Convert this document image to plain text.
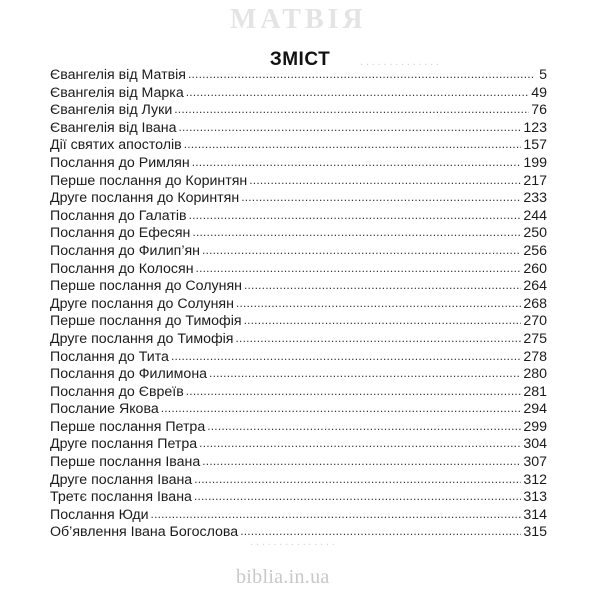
МАТВІЯ
· · · · · · · · · · · · · ·
· · · · · · · · · · · · · · ·
ЗМІСТ
Євангелія від Матвія .....	5
Євангелія від Марка .....	49
Євангелія від Луки .....	76
Євангелія від Івана .....	123
Дії святих апостолів .....	157
Послання до Римлян .....	199
Перше послання до Коринтян .....	217
Друге послання до Коринтян .....	233
Послання до Галатів .....	244
Послання до Ефесян .....	250
Послання до Филип’ян .....	256
Послання до Колосян .....	260
Перше послання до Солунян .....	264
Друге послання до Солунян .....	268
Перше послання до Тимофія .....	270
Друге послання до Тимофія .....	275
Послання до Тита .....	278
Послання до Филимона .....	280
Послання до Євреїв .....	281
Послание Якова .....	294
Перше послання Петра .....	299
Друге послання Петра .....	304
Перше послання Івана .....	307
Друге послання Івана .....	312
Третє послання Івана .....	313
Послання Юди .....	314
Об’явлення Івана Богослова .....	315
biblia.in.ua
